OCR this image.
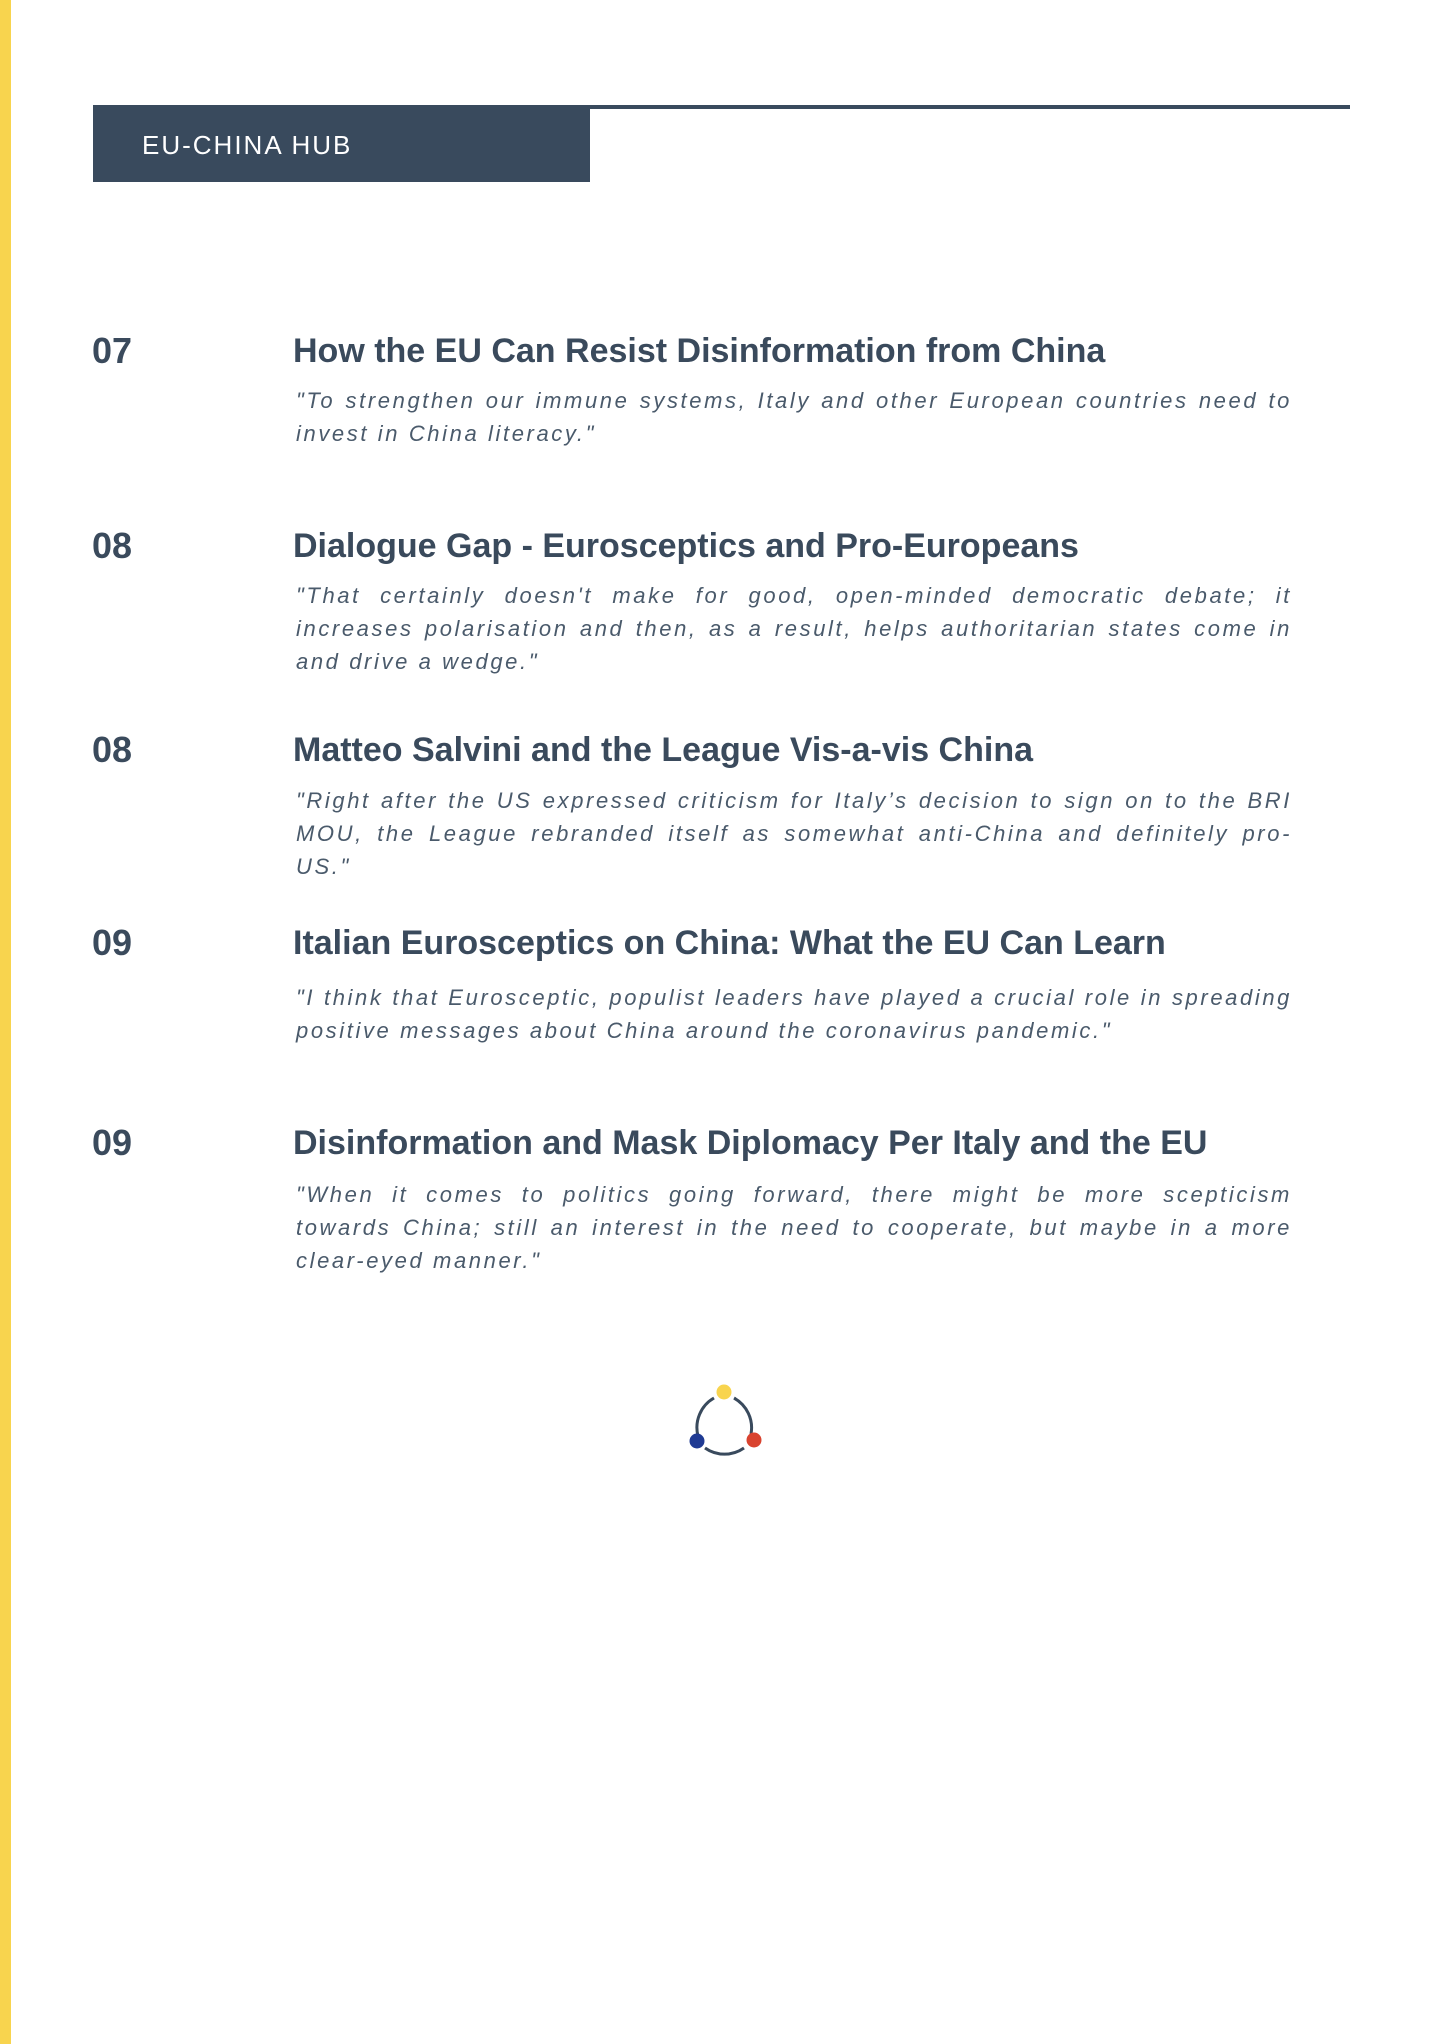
EU-CHINA HUB
07	How the EU Can Resist Disinformation from China
"To strengthen our immune systems, Italy and other European countries need to invest in China literacy."
08	Dialogue Gap - Eurosceptics and Pro-Europeans
"That certainly doesn't make for good, open-minded democratic debate; it increases polarisation and then, as a result, helps authoritarian states come in and drive a wedge."
08	Matteo Salvini and the League Vis-a-vis China
"Right after the US expressed criticism for Italy’s decision to sign on to the BRI MOU, the League rebranded itself as somewhat anti-China and definitely pro-US."
09	Italian Eurosceptics on China: What the EU Can Learn
"I think that Eurosceptic, populist leaders have played a crucial role in spreading positive messages about China around the coronavirus pandemic."
09	Disinformation and Mask Diplomacy Per Italy and the EU
"When it comes to politics going forward, there might be more scepticism towards China; still an interest in the need to cooperate, but maybe in a more clear-eyed manner."
